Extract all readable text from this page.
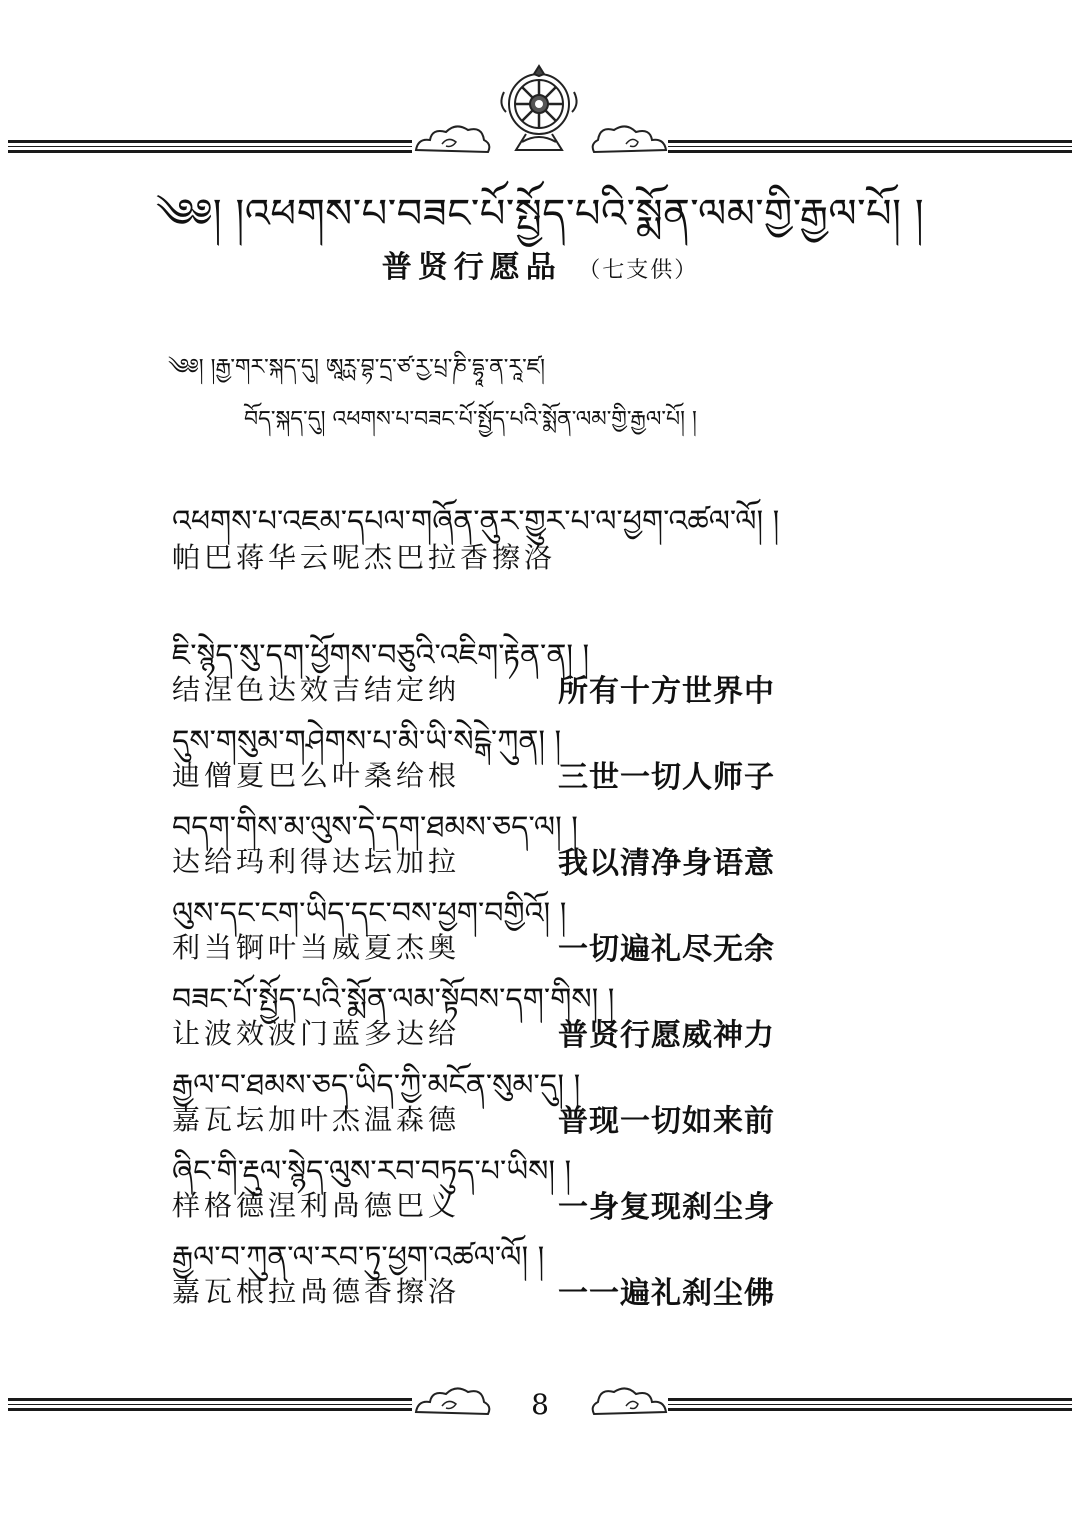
༄༅། །འཕགས་པ་བཟང་པོ་སྤྱོད་པའི་སྨོན་ལམ་གྱི་རྒྱལ་པོ། །
普贤行愿品 （七支供）
༄༅། །རྒྱ་གར་སྐད་དུ། ཨཱཪྻ་བྷ་དྲ་ཙ་རྱ་པྲ་ཎི་དྷཱ་ན་རཱ་ཛ།
བོད་སྐད་དུ། འཕགས་པ་བཟང་པོ་སྤྱོད་པའི་སྨོན་ལམ་གྱི་རྒྱལ་པོ། །
འཕགས་པ་འཇམ་དཔལ་གཞོན་ནུར་གྱུར་པ་ལ་ཕྱག་འཚལ་ལོ། །
帕巴蒋华云呢杰巴拉香擦洛
ཇི་སྙེད་སུ་དག་ཕྱོགས་བཅུའི་འཇིག་རྟེན་ན། །
结涅色达效吉结定纳	所有十方世界中
དུས་གསུམ་གཤེགས་པ་མི་ཡི་སེངྒེ་ཀུན། །
迪僧夏巴么叶桑给根	三世一切人师子
བདག་གིས་མ་ལུས་དེ་དག་ཐམས་ཅད་ལ། །
达给玛利得达坛加拉	我以清净身语意
ལུས་དང་ངག་ཡིད་དང་བས་ཕྱག་བགྱིའོ། །
利当锕叶当威夏杰奥	一切遍礼尽无余
བཟང་པོ་སྤྱོད་པའི་སྨོན་ལམ་སྟོབས་དག་གིས། །
让波效波门蓝多达给	普贤行愿威神力
རྒྱལ་བ་ཐམས་ཅད་ཡིད་ཀྱི་མངོན་སུམ་དུ། །
嘉瓦坛加叶杰温森德	普现一切如来前
ཞིང་གི་རྡུལ་སྙེད་ལུས་རབ་བཏུད་པ་ཡིས། །
样格德涅利咼德巴义	一身复现刹尘身
རྒྱལ་བ་ཀུན་ལ་རབ་ཏུ་ཕྱག་འཚལ་ལོ། །
嘉瓦根拉咼德香擦洛	一一遍礼刹尘佛
8
